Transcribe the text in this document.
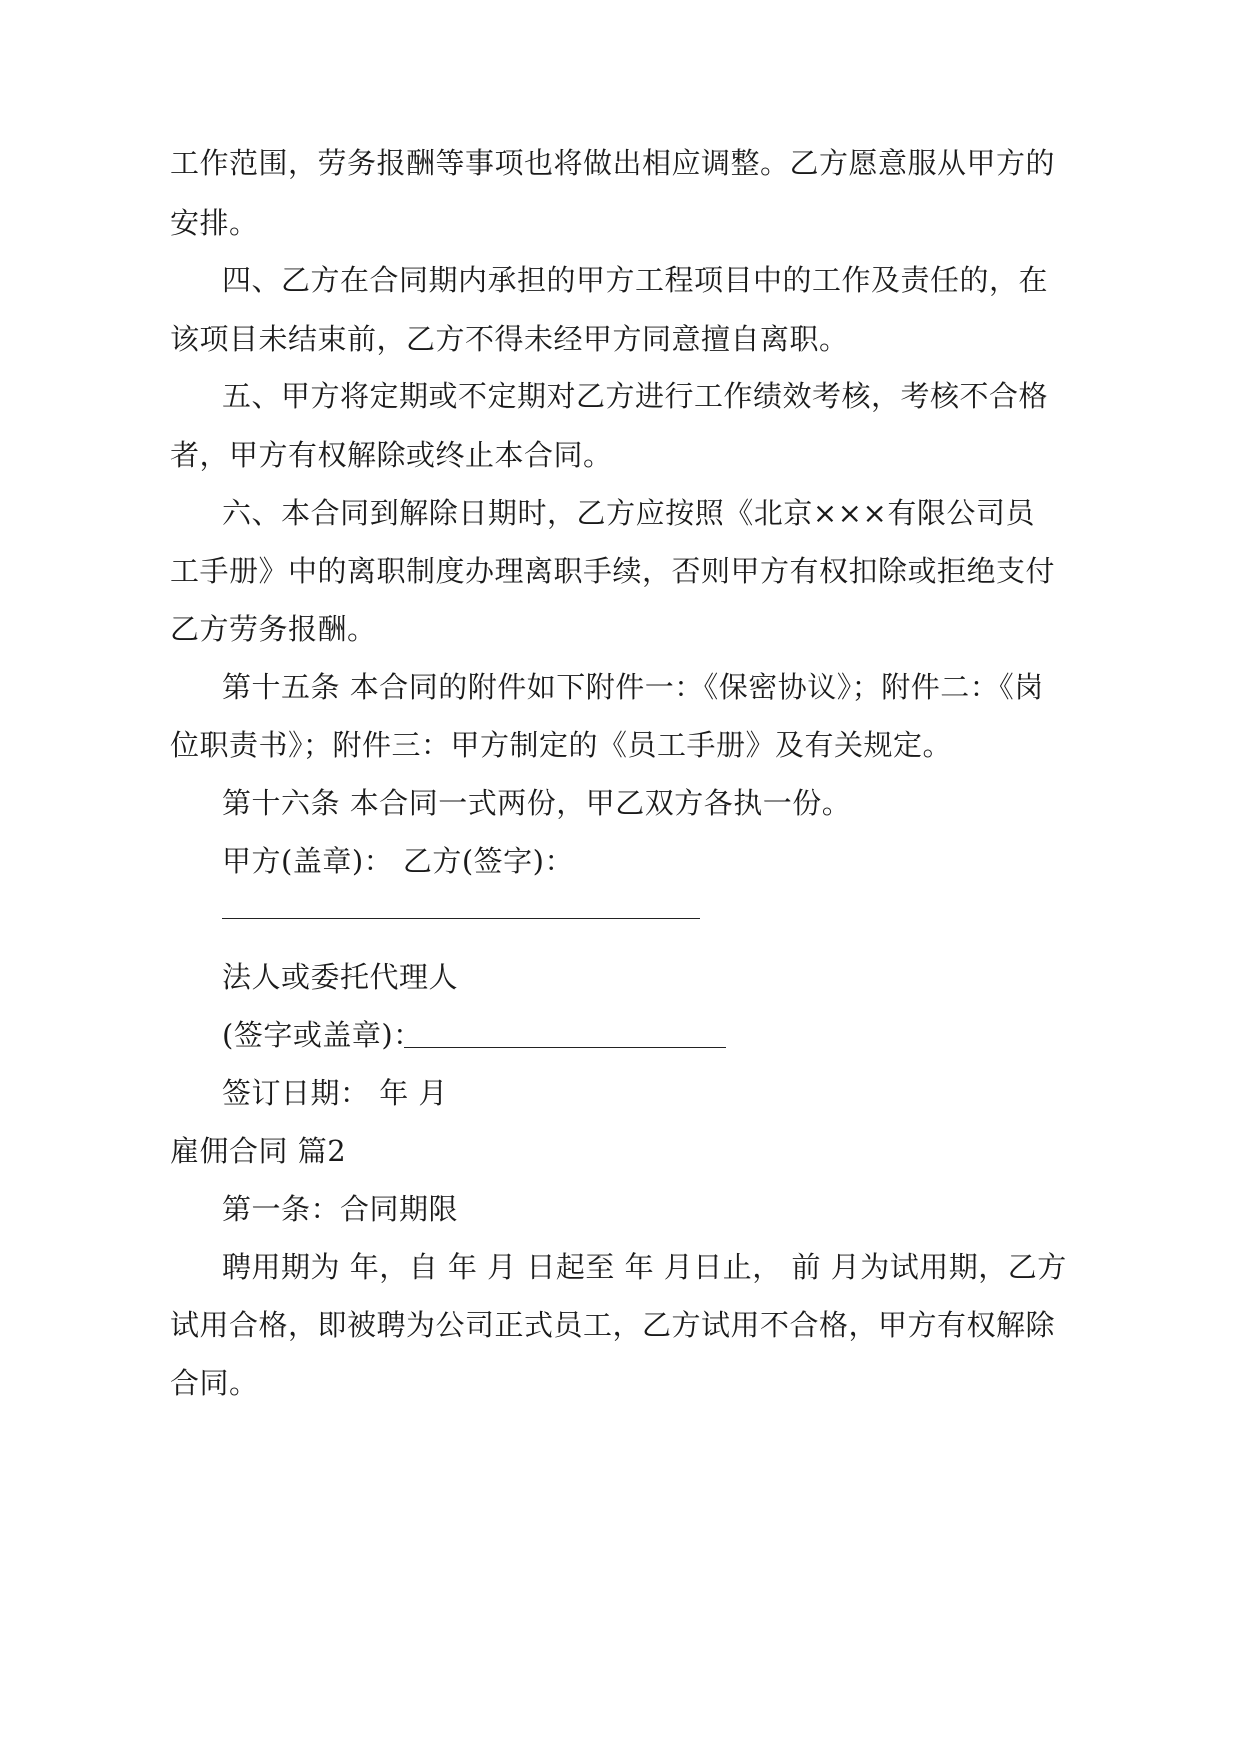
工作范围，劳务报酬等事项也将做出相应调整。乙方愿意服从甲方的
安排。
四、乙方在合同期内承担的甲方工程项目中的工作及责任的，在
该项目未结束前，乙方不得未经甲方同意擅自离职。
五、甲方将定期或不定期对乙方进行工作绩效考核，考核不合格
者，甲方有权解除或终止本合同。
六、本合同到解除日期时，乙方应按照《北京×××有限公司员
工手册》中的离职制度办理离职手续，否则甲方有权扣除或拒绝支付
乙方劳务报酬。
第十五条 本合同的附件如下附件一：《保密协议》；附件二：《岗
位职责书》；附件三：甲方制定的《员工手册》及有关规定。
第十六条 本合同一式两份，甲乙双方各执一份。
甲方(盖章)： 乙方(签字)：
法人或委托代理人
(签字或盖章)：
签订日期： 年 月
雇佣合同 篇2
第一条：合同期限
聘用期为 年，自 年 月 日起至 年 月日止， 前 月为试用期，乙方
试用合格，即被聘为公司正式员工，乙方试用不合格，甲方有权解除
合同。
